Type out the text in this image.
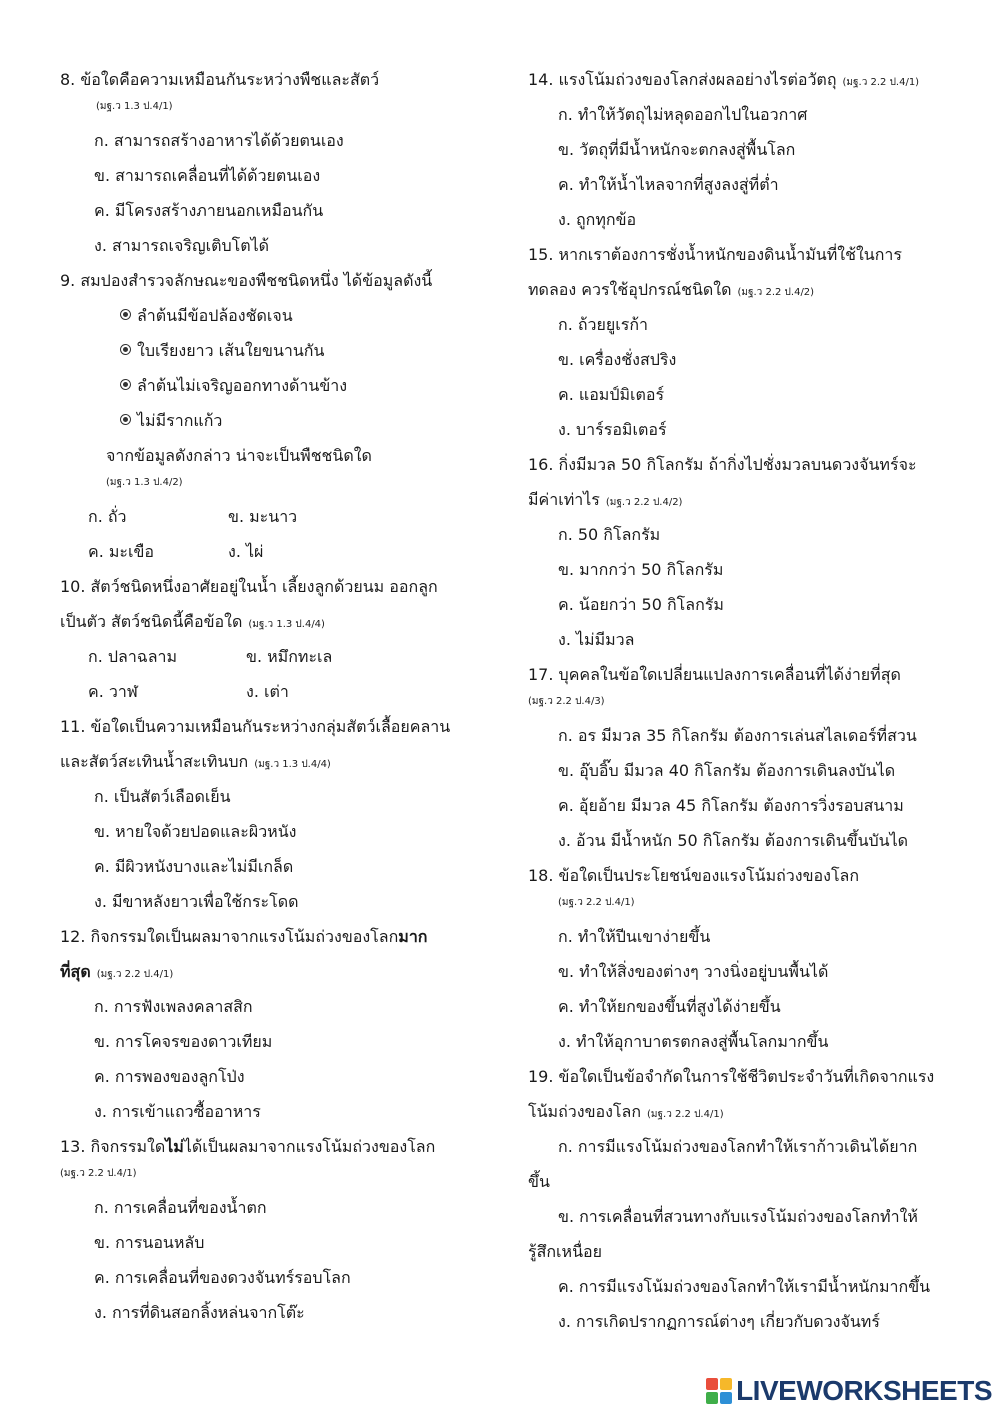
8. ข้อใดคือความเหมือนกันระหว่างพืชและสัตว์
(มฐ.ว 1.3 ป.4/1)
ก. สามารถสร้างอาหารได้ด้วยตนเอง
ข. สามารถเคลื่อนที่ได้ด้วยตนเอง
ค. มีโครงสร้างภายนอกเหมือนกัน
ง. สามารถเจริญเติบโตได้
9. สมปองสำรวจลักษณะของพืชชนิดหนึ่ง ได้ข้อมูลดังนี้
ลำต้นมีข้อปล้องชัดเจน
ใบเรียงยาว เส้นใยขนานกัน
ลำต้นไม่เจริญออกทางด้านข้าง
ไม่มีรากแก้ว
จากข้อมูลดังกล่าว น่าจะเป็นพืชชนิดใด
(มฐ.ว 1.3 ป.4/2)
ก. ถั่ว	ข. มะนาว
ค. มะเขือ	ง. ไผ่
10. สัตว์ชนิดหนึ่งอาศัยอยู่ในน้ำ เลี้ยงลูกด้วยนม ออกลูก
เป็นตัว สัตว์ชนิดนี้คือข้อใด (มฐ.ว 1.3 ป.4/4)
ก. ปลาฉลาม	ข. หมึกทะเล
ค. วาฬ	ง. เต่า
11. ข้อใดเป็นความเหมือนกันระหว่างกลุ่มสัตว์เลื้อยคลาน
และสัตว์สะเทินน้ำสะเทินบก (มฐ.ว 1.3 ป.4/4)
ก. เป็นสัตว์เลือดเย็น
ข. หายใจด้วยปอดและผิวหนัง
ค. มีผิวหนังบางและไม่มีเกล็ด
ง. มีขาหลังยาวเพื่อใช้กระโดด
12. กิจกรรมใดเป็นผลมาจากแรงโน้มถ่วงของโลกมาก
ที่สุด (มฐ.ว 2.2 ป.4/1)
ก. การฟังเพลงคลาสสิก
ข. การโคจรของดาวเทียม
ค. การพองของลูกโป่ง
ง. การเข้าแถวซื้ออาหาร
13. กิจกรรมใดไม่ได้เป็นผลมาจากแรงโน้มถ่วงของโลก
(มฐ.ว 2.2 ป.4/1)
ก. การเคลื่อนที่ของน้ำตก
ข. การนอนหลับ
ค. การเคลื่อนที่ของดวงจันทร์รอบโลก
ง. การที่ดินสอกลิ้งหล่นจากโต๊ะ
14. แรงโน้มถ่วงของโลกส่งผลอย่างไรต่อวัตถุ (มฐ.ว 2.2 ป.4/1)
ก. ทำให้วัตถุไม่หลุดออกไปในอวกาศ
ข. วัตถุที่มีน้ำหนักจะตกลงสู่พื้นโลก
ค. ทำให้น้ำไหลจากที่สูงลงสู่ที่ต่ำ
ง. ถูกทุกข้อ
15. หากเราต้องการชั่งน้ำหนักของดินน้ำมันที่ใช้ในการ
ทดลอง ควรใช้อุปกรณ์ชนิดใด (มฐ.ว 2.2 ป.4/2)
ก. ถ้วยยูเรก้า
ข. เครื่องชั่งสปริง
ค. แอมป์มิเตอร์
ง. บาร์รอมิเตอร์
16. กิ่งมีมวล 50 กิโลกรัม ถ้ากิ่งไปชั่งมวลบนดวงจันทร์จะ
มีค่าเท่าไร (มฐ.ว 2.2 ป.4/2)
ก. 50 กิโลกรัม
ข. มากกว่า 50 กิโลกรัม
ค. น้อยกว่า 50 กิโลกรัม
ง. ไม่มีมวล
17. บุคคลในข้อใดเปลี่ยนแปลงการเคลื่อนที่ได้ง่ายที่สุด
(มฐ.ว 2.2 ป.4/3)
ก. อร มีมวล 35 กิโลกรัม ต้องการเล่นสไลเดอร์ที่สวน
ข. อุ๊บอิ๊บ มีมวล 40 กิโลกรัม ต้องการเดินลงบันได
ค. อุ้ยอ้าย มีมวล 45 กิโลกรัม ต้องการวิ่งรอบสนาม
ง. อ้วน มีน้ำหนัก 50 กิโลกรัม ต้องการเดินขึ้นบันได
18. ข้อใดเป็นประโยชน์ของแรงโน้มถ่วงของโลก
(มฐ.ว 2.2 ป.4/1)
ก. ทำให้ปีนเขาง่ายขึ้น
ข. ทำให้สิ่งของต่างๆ วางนิ่งอยู่บนพื้นได้
ค. ทำให้ยกของขึ้นที่สูงได้ง่ายขึ้น
ง. ทำให้อุกาบาตรตกลงสู่พื้นโลกมากขึ้น
19. ข้อใดเป็นข้อจำกัดในการใช้ชีวิตประจำวันที่เกิดจากแรง
โน้มถ่วงของโลก (มฐ.ว 2.2 ป.4/1)
ก. การมีแรงโน้มถ่วงของโลกทำให้เราก้าวเดินได้ยาก
ขึ้น
ข. การเคลื่อนที่สวนทางกับแรงโน้มถ่วงของโลกทำให้
รู้สึกเหนื่อย
ค. การมีแรงโน้มถ่วงของโลกทำให้เรามีน้ำหนักมากขึ้น
ง. การเกิดปรากฏการณ์ต่างๆ เกี่ยวกับดวงจันทร์
LIVEWORKSHEETS
